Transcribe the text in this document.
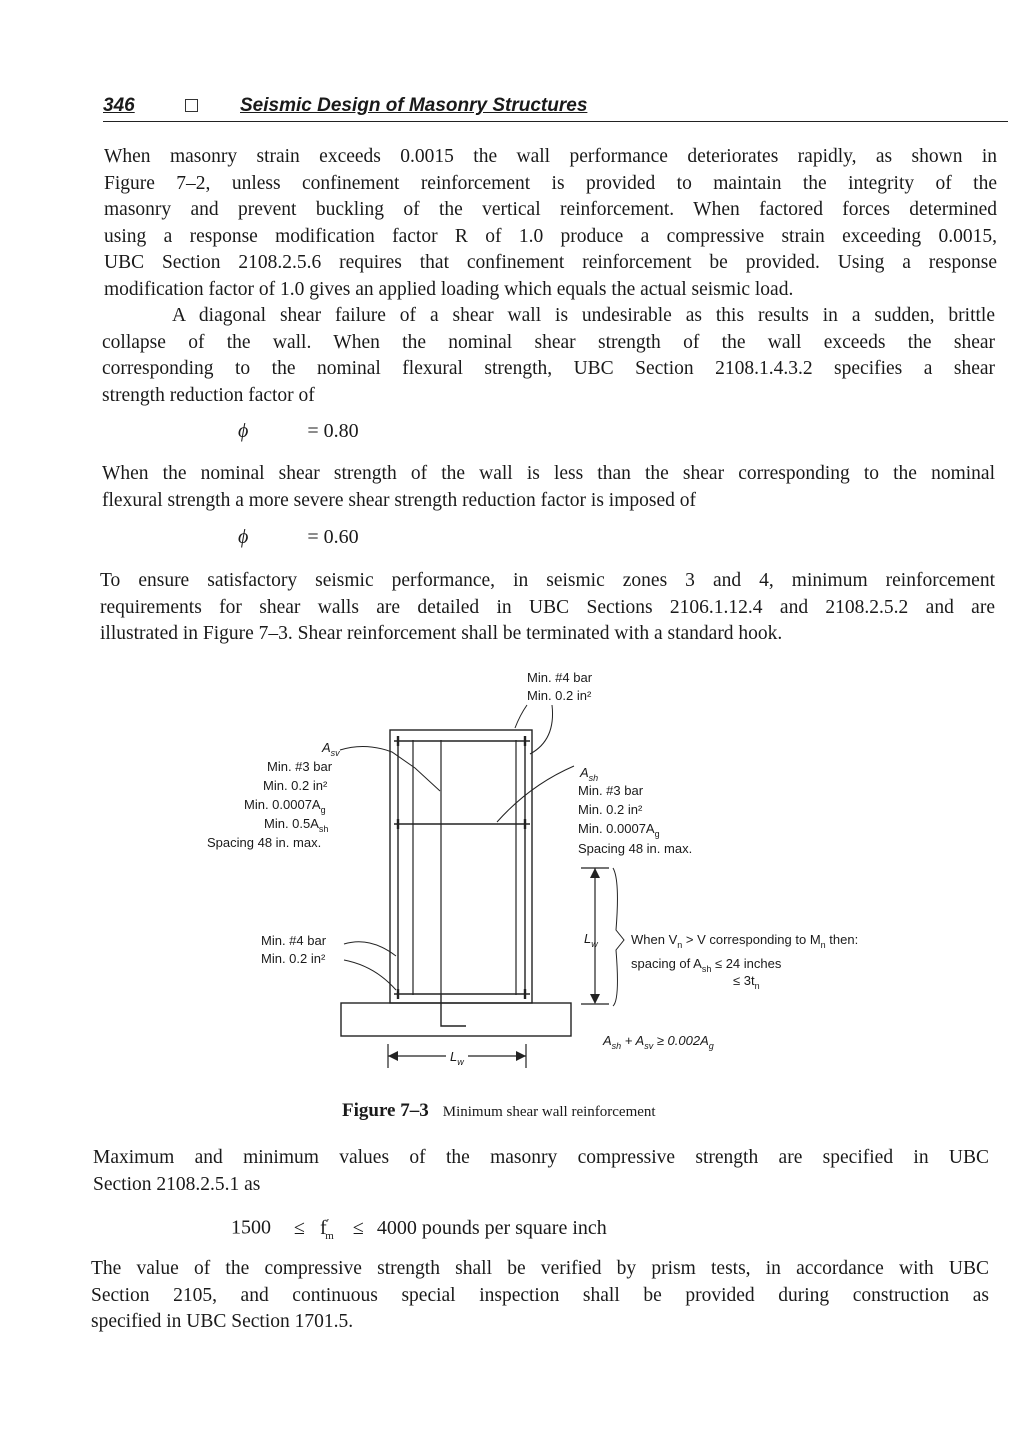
346	Seismic Design of Masonry Structures
When masonry strain exceeds 0.0015 the wall performance deteriorates rapidly, as shown in
Figure 7–2, unless confinement reinforcement is provided to maintain the integrity of the
masonry and prevent buckling of the vertical reinforcement. When factored forces determined
using a response modification factor R of 1.0 produce a compressive strain exceeding 0.0015,
UBC Section 2108.2.5.6 requires that confinement reinforcement be provided. Using a response
modification factor of 1.0 gives an applied loading which equals the actual seismic load.
A diagonal shear failure of a shear wall is undesirable as this results in a sudden, brittle
collapse of the wall. When the nominal shear strength of the wall exceeds the shear
corresponding to the nominal flexural strength, UBC Section 2108.1.4.3.2 specifies a shear
strength reduction factor of
ϕ	= 0.80
When the nominal shear strength of the wall is less than the shear corresponding to the nominal
flexural strength a more severe shear strength reduction factor is imposed of
ϕ	= 0.60
To ensure satisfactory seismic performance, in seismic zones 3 and 4, minimum reinforcement
requirements for shear walls are detailed in UBC Sections 2106.1.12.4 and 2108.2.5.2 and are
illustrated in Figure 7–3. Shear reinforcement shall be terminated with a standard hook.
Min. #4 bar
Min. 0.2 in²
$A_{sv}$
Min. #3 bar
Min. 0.2 in²
Min. $0.0007A_g$
Min. $0.5A_{sh}$
Spacing 48 in. max.
$A_{sh}$
Min. #3 bar
Min. 0.2 in²
Min. $0.0007A_g$
Spacing 48 in. max.
Min. #4 bar
Min. 0.2 in²
$L_w$	When $V_n > V$ corresponding to $M_n$ then:
spacing of $A_{sh} \le 24$ inches
≤ $3t_n$
$A_{sh} + A_{sv} \ge 0.002A_g$
$L_w$
Figure 7–3 Minimum shear wall reinforcement
Maximum and minimum values of the masonry compressive strength are specified in UBC
Section 2108.2.5.1 as
$1500 \le f'_m \le 4000$ pounds per square inch
The value of the compressive strength shall be verified by prism tests, in accordance with UBC
Section 2105, and continuous special inspection shall be provided during construction as
specified in UBC Section 1701.5.
